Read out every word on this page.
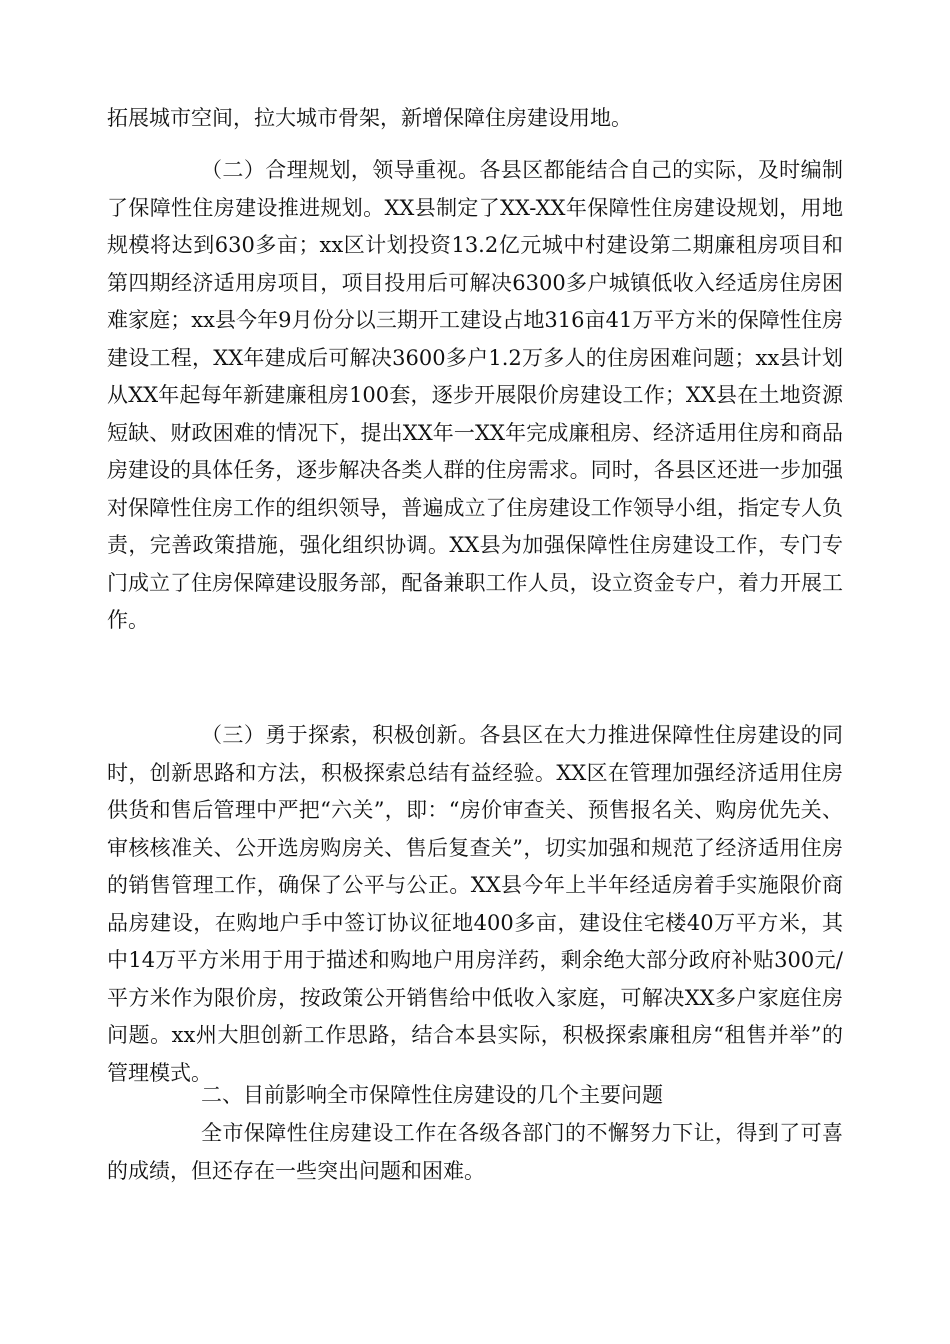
拓展城市空间，拉大城市骨架，新增保障住房建设用地。

（二）合理规划，领导重视。各县区都能结合自己的实际，及时编制了保障性住房建设推进规划。XX县制定了XX-XX年保障性住房建设规划，用地规模将达到630多亩；xx区计划投资13.2亿元城中村建设第二期廉租房项目和第四期经济适用房项目，项目投用后可解决6300多户城镇低收入经适房住房困难家庭；xx县今年9月份分以三期开工建设占地316亩41万平方米的保障性住房建设工程，XX年建成后可解决3600多户1.2万多人的住房困难问题；xx县计划从XX年起每年新建廉租房100套，逐步开展限价房建设工作；XX县在土地资源短缺、财政困难的情况下，提出XX年一XX年完成廉租房、经济适用住房和商品房建设的具体任务，逐步解决各类人群的住房需求。同时，各县区还进一步加强对保障性住房工作的组织领导，普遍成立了住房建设工作领导小组，指定专人负责，完善政策措施，强化组织协调。XX县为加强保障性住房建设工作，专门专门成立了住房保障建设服务部，配备兼职工作人员，设立资金专户，着力开展工作。

（三）勇于探索，积极创新。各县区在大力推进保障性住房建设的同时，创新思路和方法，积极探索总结有益经验。XX区在管理加强经济适用住房供货和售后管理中严把“六关”，即：“房价审查关、预售报名关、购房优先关、审核核准关、公开选房购房关、售后复查关”，切实加强和规范了经济适用住房的销售管理工作，确保了公平与公正。XX县今年上半年经适房着手实施限价商品房建设，在购地户手中签订协议征地400多亩，建设住宅楼40万平方米，其中14万平方米用于用于描述和购地户用房洋药，剩余绝大部分政府补贴300元/平方米作为限价房，按政策公开销售给中低收入家庭，可解决XX多户家庭住房问题。xx州大胆创新工作思路，结合本县实际，积极探索廉租房“租售并举”的管理模式。

二、目前影响全市保障性住房建设的几个主要问题

全市保障性住房建设工作在各级各部门的不懈努力下让，得到了可喜的成绩，但还存在一些突出问题和困难。
